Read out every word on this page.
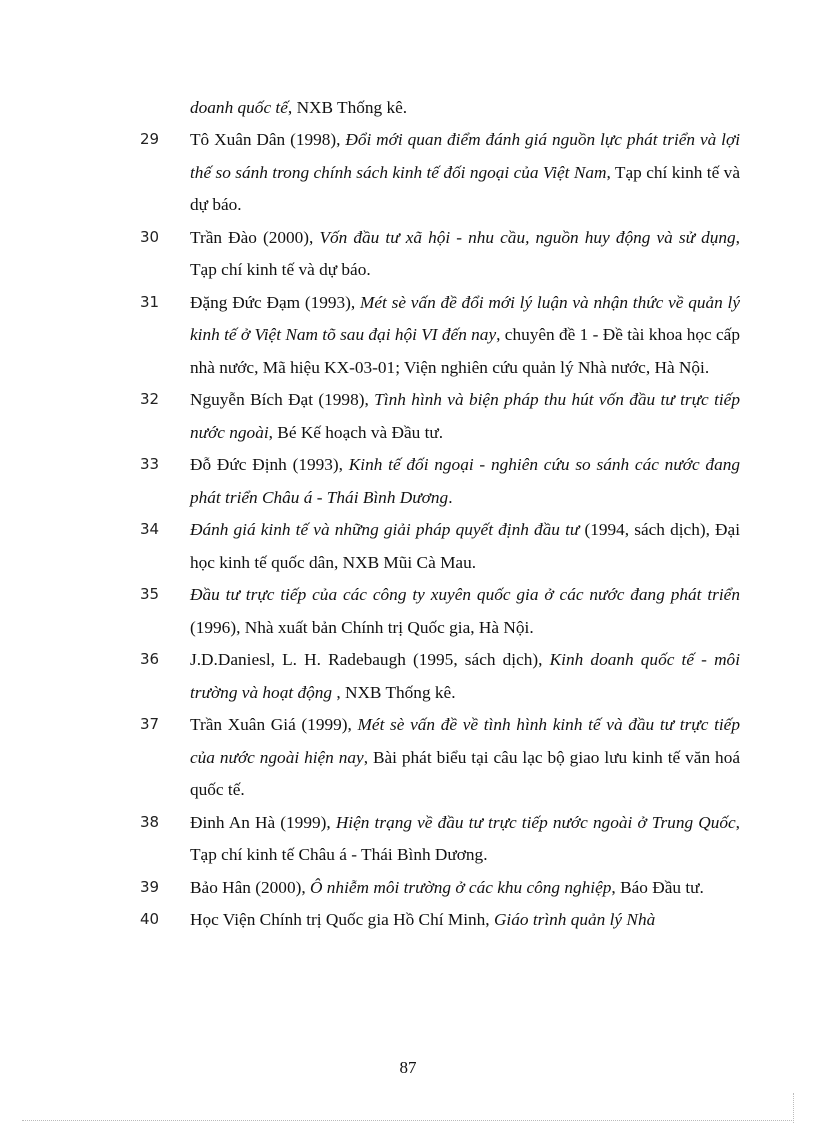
doanh quốc tế, NXB Thống kê.

29	Tô Xuân Dân (1998), Đổi mới quan điểm đánh giá nguồn lực phát triển và lợi thế so sánh trong chính sách kinh tế đối ngoại của Việt Nam, Tạp chí kinh tế và dự báo.
30	Trần Đào (2000), Vốn đầu tư xã hội - nhu cầu, nguồn huy động và sử dụng, Tạp chí kinh tế và dự báo.
31	Đặng Đức Đạm (1993), Mét sè vấn đề đổi mới lý luận và nhận thức về quản lý kinh tế ở Việt Nam tõ sau đại hội VI đến nay, chuyên đề 1 - Đề tài khoa học cấp nhà nước, Mã hiệu KX-03-01; Viện nghiên cứu quản lý Nhà nước, Hà Nội.
32	Nguyễn Bích Đạt (1998), Tình hình và biện pháp thu hút vốn đầu tư trực tiếp nước ngoài, Bé Kế hoạch và Đầu tư.
33	Đỗ Đức Định (1993), Kinh tế đối ngoại - nghiên cứu so sánh các nước đang phát triển Châu á - Thái Bình Dương.
34	Đánh giá kinh tế và những giải pháp quyết định đầu tư (1994, sách dịch), Đại học kinh tế quốc dân, NXB Mũi Cà Mau.
35	Đầu tư trực tiếp của các công ty xuyên quốc gia ở các nước đang phát triển (1996), Nhà xuất bản Chính trị Quốc gia, Hà Nội.
36	J.D.Daniesl, L. H. Radebaugh (1995, sách dịch), Kinh doanh quốc tế - môi trường và hoạt động , NXB Thống kê.
37	Trần Xuân Giá (1999), Mét sè vấn đề về tình hình kinh tế và đầu tư trực tiếp của nước ngoài hiện nay, Bài phát biểu tại câu lạc bộ giao lưu kinh tế văn hoá quốc tế.
38	Đinh An Hà (1999), Hiện trạng về đầu tư trực tiếp nước ngoài ở Trung Quốc, Tạp chí kinh tế Châu á - Thái Bình Dương.
39	Bảo Hân (2000), Ô nhiễm môi trường ở các khu công nghiệp, Báo Đầu tư.
40	Học Viện Chính trị Quốc gia Hồ Chí Minh, Giáo trình quản lý Nhà
87
